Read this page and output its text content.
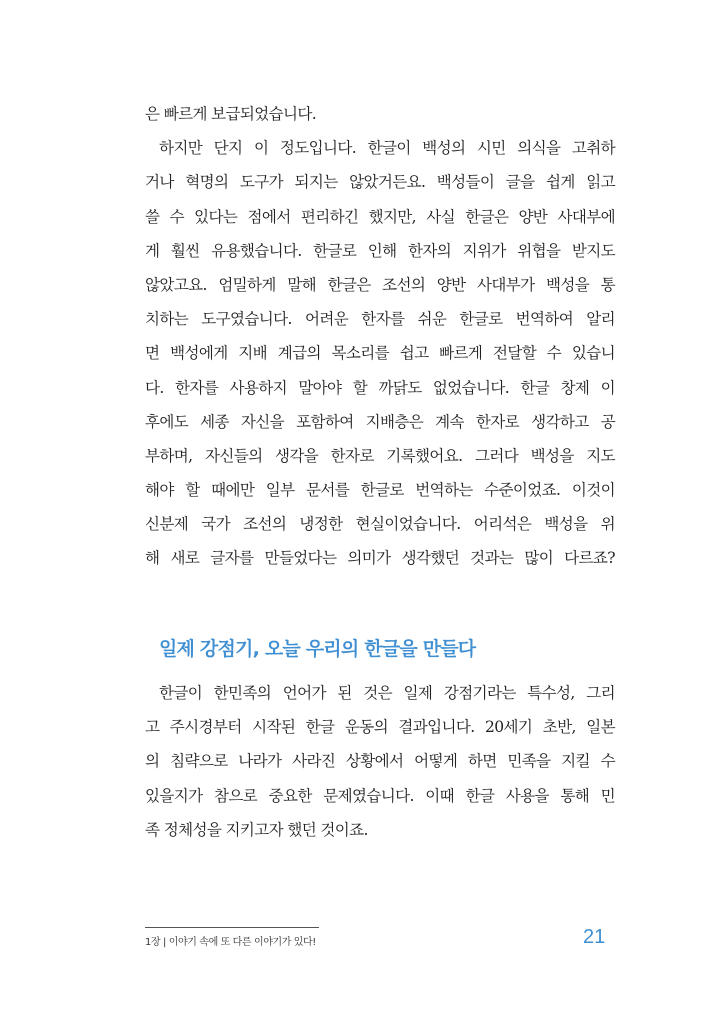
은 빠르게 보급되었습니다.
하지만 단지 이 정도입니다. 한글이 백성의 시민 의식을 고취하
거나 혁명의 도구가 되지는 않았거든요. 백성들이 글을 쉽게 읽고
쓸 수 있다는 점에서 편리하긴 했지만, 사실 한글은 양반 사대부에
게 훨씬 유용했습니다. 한글로 인해 한자의 지위가 위협을 받지도
않았고요. 엄밀하게 말해 한글은 조선의 양반 사대부가 백성을 통
치하는 도구였습니다. 어려운 한자를 쉬운 한글로 번역하여 알리
면 백성에게 지배 계급의 목소리를 쉽고 빠르게 전달할 수 있습니
다. 한자를 사용하지 말아야 할 까닭도 없었습니다. 한글 창제 이
후에도 세종 자신을 포함하여 지배층은 계속 한자로 생각하고 공
부하며, 자신들의 생각을 한자로 기록했어요. 그러다 백성을 지도
해야 할 때에만 일부 문서를 한글로 번역하는 수준이었죠. 이것이
신분제 국가 조선의 냉정한 현실이었습니다. 어리석은 백성을 위
해 새로 글자를 만들었다는 의미가 생각했던 것과는 많이 다르죠?
일제 강점기, 오늘 우리의 한글을 만들다
한글이 한민족의 언어가 된 것은 일제 강점기라는 특수성, 그리
고 주시경부터 시작된 한글 운동의 결과입니다. 20세기 초반, 일본
의 침략으로 나라가 사라진 상황에서 어떻게 하면 민족을 지킬 수
있을지가 참으로 중요한 문제였습니다. 이때 한글 사용을 통해 민
족 정체성을 지키고자 했던 것이죠.
1장 | 이야기 속에 또 다른 이야기가 있다!	21
